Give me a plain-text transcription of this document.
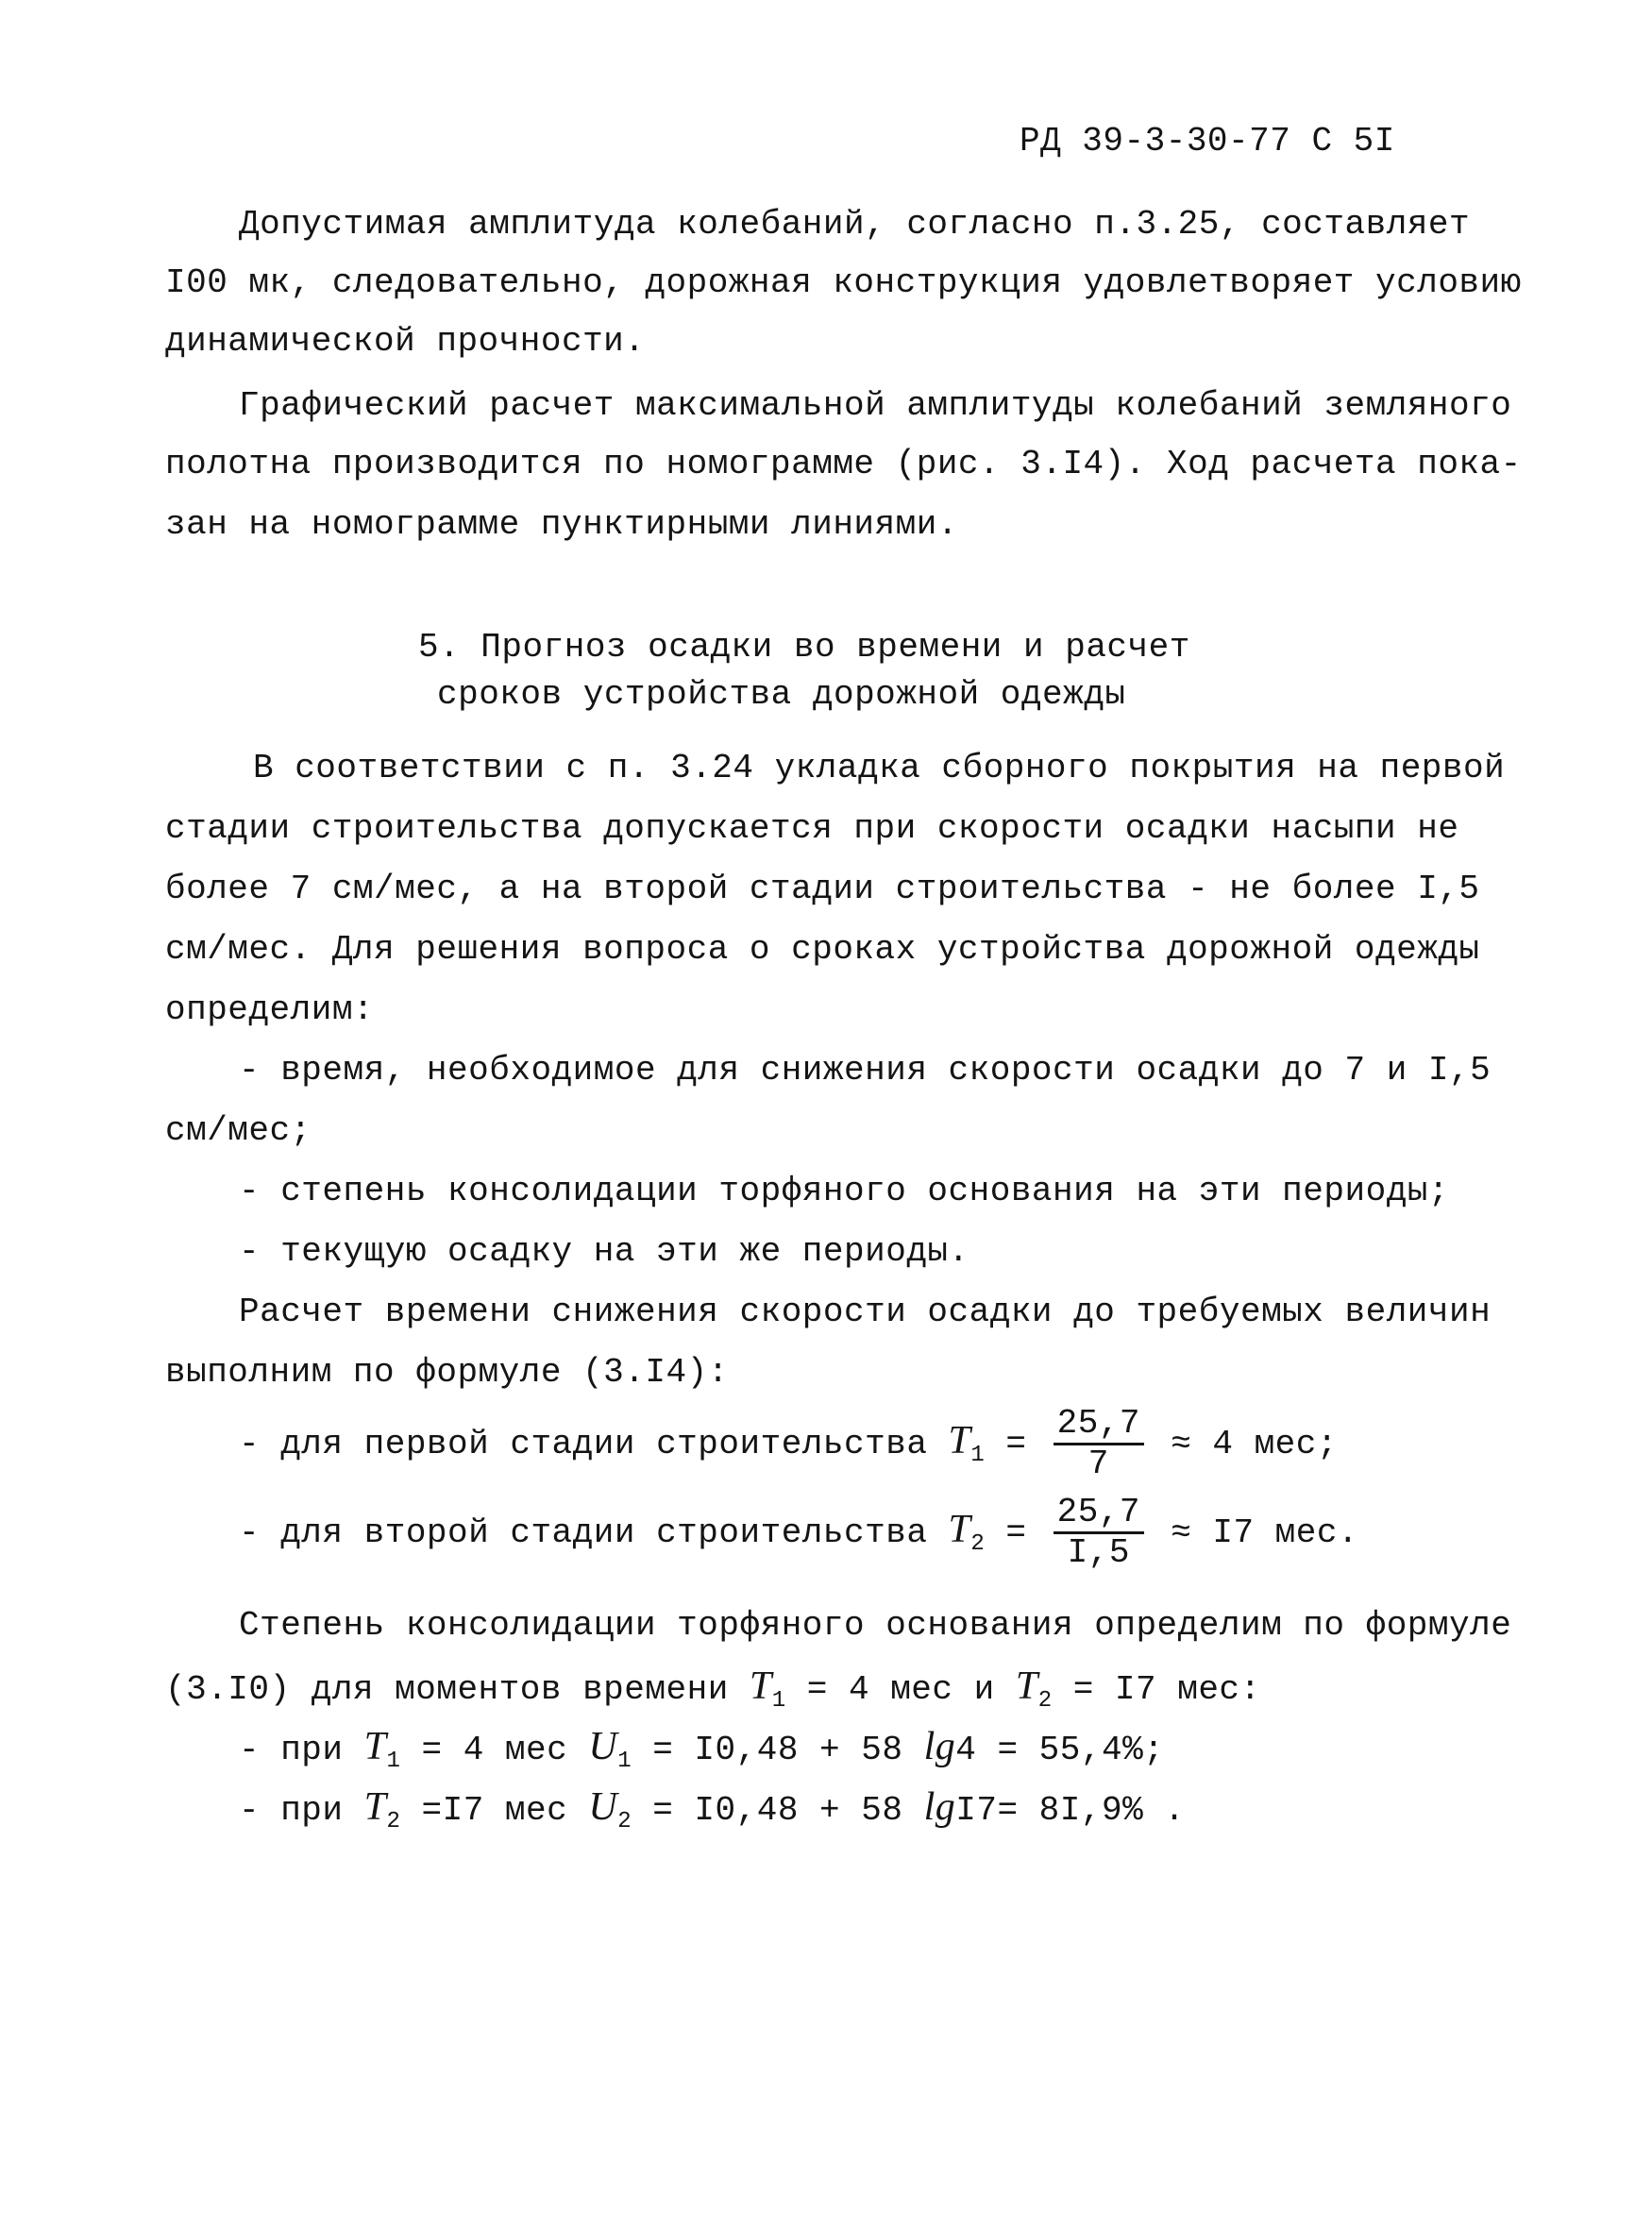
РД 39-3-30-77 С 5I
Допустимая амплитуда колебаний, согласно п.3.25, составляет
I00 мк, следовательно, дорожная конструкция удовлетворяет условию
динамической прочности.
Графический расчет максимальной амплитуды колебаний земляного
полотна производится по номограмме (рис. 3.I4). Ход расчета пока-
зан на номограмме пунктирными линиями.
5. Прогноз осадки во времени и расчет
сроков устройства дорожной одежды
В соответствии с п. 3.24 укладка сборного покрытия на первой
стадии строительства допускается при скорости осадки насыпи не
более 7 см/мес, а на второй стадии строительства - не более I,5
см/мес. Для решения вопроса о сроках устройства дорожной одежды
определим:
- время, необходимое для снижения скорости осадки до 7 и I,5
см/мес;
- степень консолидации торфяного основания на эти периоды;
- текущую осадку на эти же периоды.
Расчет времени снижения скорости осадки до требуемых величин
выполним по формуле (3.I4):
- для первой стадии строительства $T_1 = \frac{25,7}{7} \approx 4$ мес;
- для второй стадии строительства $T_2 = \frac{25,7}{I,5} \approx I7$ мес.
Степень консолидации торфяного основания определим по формуле
(3.I0) для моментов времени $T_1 = 4$ мес и $T_2 = I7$ мес:
- при $T_1 = 4$ мес $U_1 = I0,48 + 58$ lg4 = 55,4%;
- при $T_2 =I7$ мес $U_2 = I0,48 + 58$ lgI7= 8I,9% .
